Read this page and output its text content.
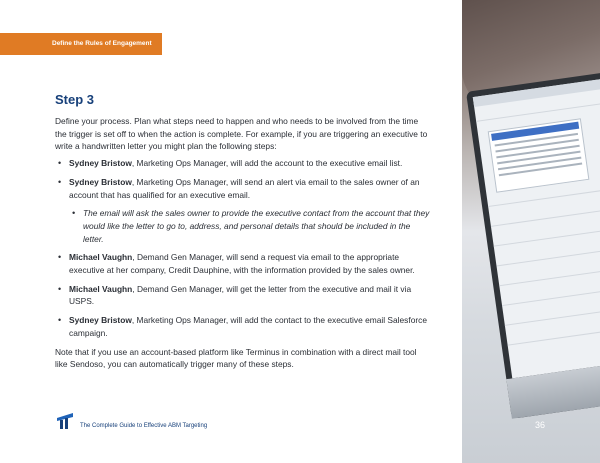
Define the Rules of Engagement
Step 3

Define your process. Plan what steps need to happen and who needs to be involved from the time the trigger is set off to when the action is complete. For example, if you are triggering an executive to write a handwritten letter you might plan the following steps:

• Sydney Bristow, Marketing Ops Manager, will add the account to the executive email list.
• Sydney Bristow, Marketing Ops Manager, will send an alert via email to the sales owner of an account that has qualified for an executive email.
• The email will ask the sales owner to provide the executive contact from the account that they would like the letter to go to, address, and personal details that should be included in the letter.
• Michael Vaughn, Demand Gen Manager, will send a request via email to the appropriate executive at her company, Credit Dauphine, with the information provided by the sales owner.
• Michael Vaughn, Demand Gen Manager, will get the letter from the executive and mail it via USPS.
• Sydney Bristow, Marketing Ops Manager, will add the contact to the executive email Salesforce campaign.

Note that if you use an account-based platform like Terminus in combination with a direct mail tool like Sendoso, you can automatically trigger many of these steps.

The Complete Guide to Effective ABM Targeting	36
